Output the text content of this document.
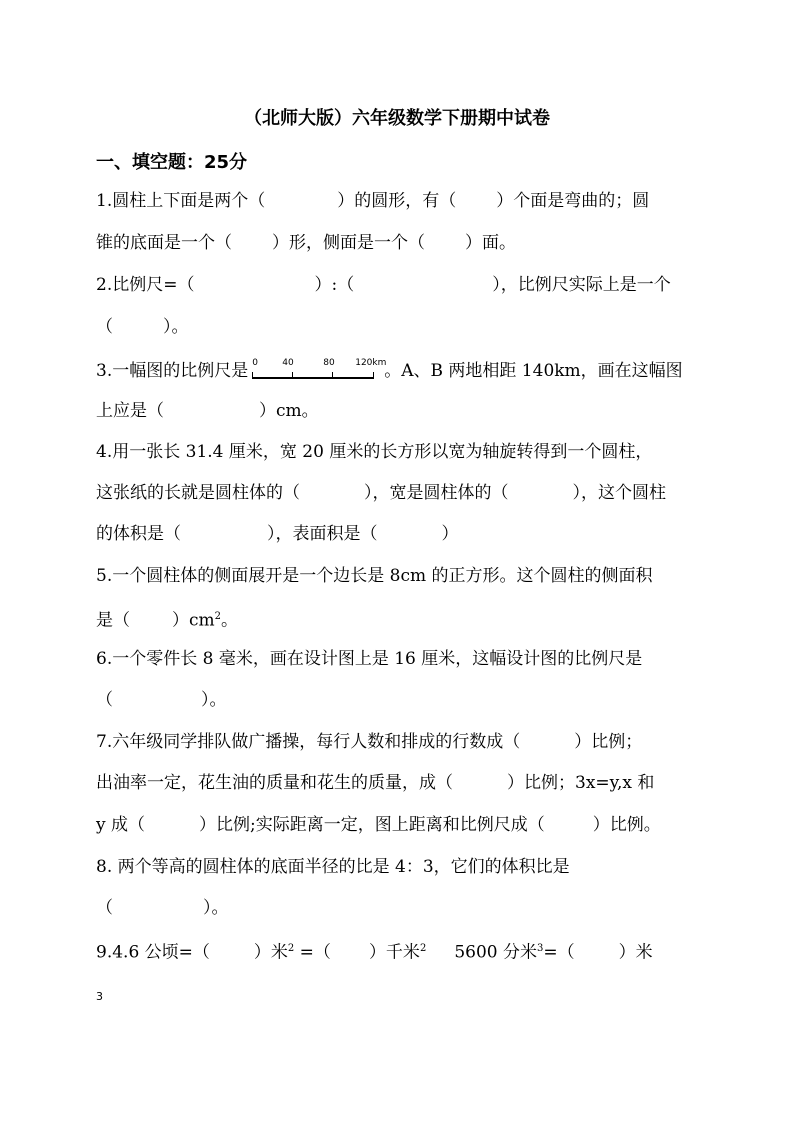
（北师大版）六年级数学下册期中试卷
一、填空题：25分
1.圆柱上下面是两个（	）的圆形，有（ ）个面是弯曲的；圆
锥的底面是一个（ ）形，侧面是一个（ ）面。
2.比例尺=（	）:（	），比例尺实际上是一个
（	）。
3.一幅图的比例尺是 0	40	80 120km
。A、B 两地相距 140km，画在这幅图
上应是（	）cm。
4.用一张长 31.4 厘米，宽 20 厘米的长方形以宽为轴旋转得到一个圆柱，
这张纸的长就是圆柱体的（	），宽是圆柱体的（	），这个圆柱
的体积是（	），表面积是（	）
5.一个圆柱体的侧面展开是一个边长是 8cm 的正方形。这个圆柱的侧面积
是（ ）$cm^2$。
6.一个零件长 8 毫米，画在设计图上是 16 厘米，这幅设计图的比例尺是
（	）。
7.六年级同学排队做广播操，每行人数和排成的行数成（	）比例；
出油率一定，花生油的质量和花生的质量，成（	）比例；3x=y,x 和
y 成（	）比例;实际距离一定，图上距离和比例尺成（	）比例。
8. 两个等高的圆柱体的底面半径的比是 4：3，它们的体积比是
（	）。
9.4.6 公顷=（	）米$^2$ =（ ）千米$^2$ 5600 分米$^3$=（	）米
3
